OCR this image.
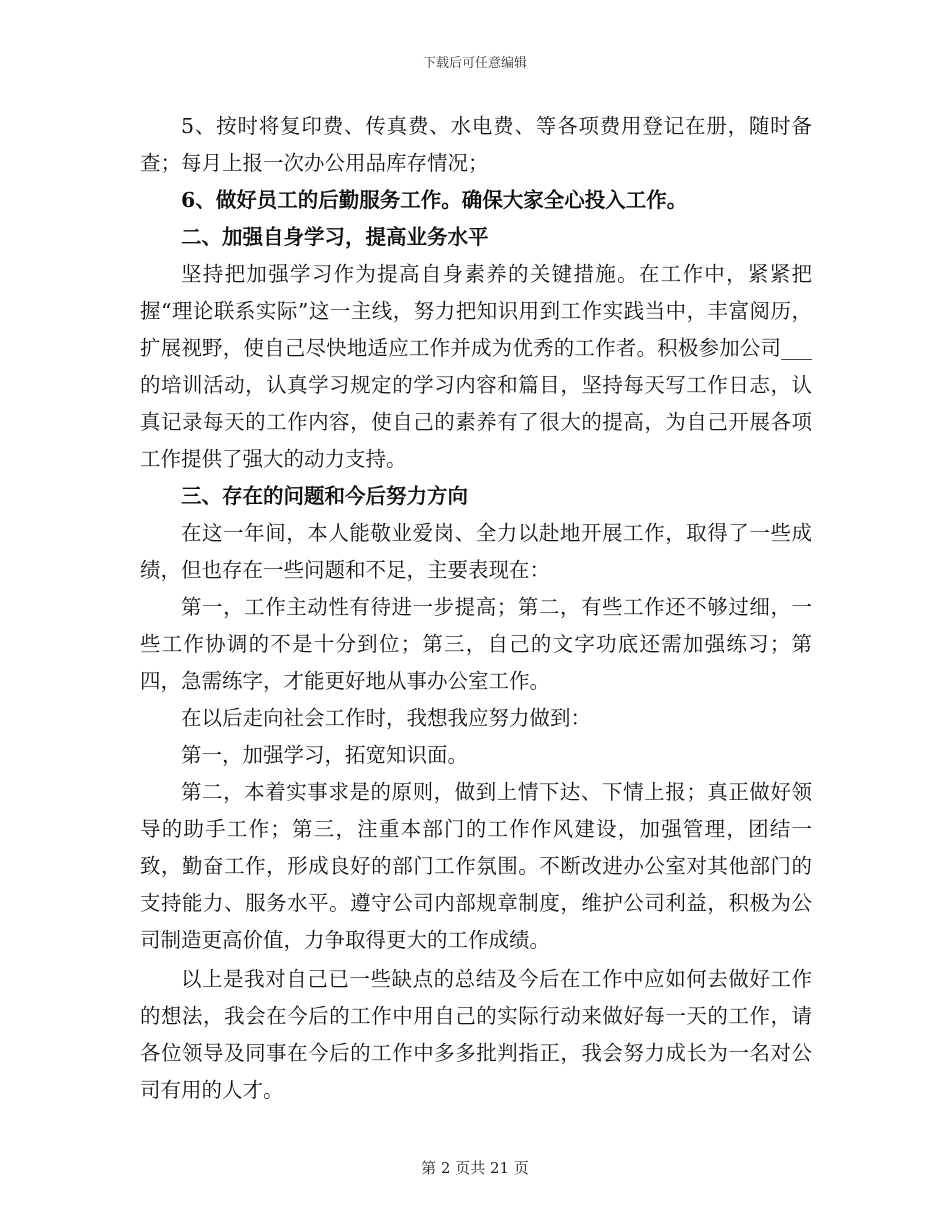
下载后可任意编辑

5、按时将复印费、传真费、水电费、等各项费用登记在册，随时备查；每月上报一次办公用品库存情况；

6、做好员工的后勤服务工作。确保大家全心投入工作。

二、加强自身学习，提高业务水平

坚持把加强学习作为提高自身素养的关键措施。在工作中，紧紧把握“理论联系实际”这一主线，努力把知识用到工作实践当中，丰富阅历，扩展视野，使自己尽快地适应工作并成为优秀的工作者。积极参加公司___的培训活动，认真学习规定的学习内容和篇目，坚持每天写工作日志，认真记录每天的工作内容，使自己的素养有了很大的提高，为自己开展各项工作提供了强大的动力支持。

三、存在的问题和今后努力方向

在这一年间，本人能敬业爱岗、全力以赴地开展工作，取得了一些成绩，但也存在一些问题和不足，主要表现在：

第一，工作主动性有待进一步提高；第二，有些工作还不够过细，一些工作协调的不是十分到位；第三，自己的文字功底还需加强练习；第四，急需练字，才能更好地从事办公室工作。

在以后走向社会工作时，我想我应努力做到：

第一，加强学习，拓宽知识面。

第二，本着实事求是的原则，做到上情下达、下情上报；真正做好领导的助手工作；第三，注重本部门的工作作风建设，加强管理，团结一致，勤奋工作，形成良好的部门工作氛围。不断改进办公室对其他部门的支持能力、服务水平。遵守公司内部规章制度，维护公司利益，积极为公司制造更高价值，力争取得更大的工作成绩。

以上是我对自己已一些缺点的总结及今后在工作中应如何去做好工作的想法，我会在今后的工作中用自己的实际行动来做好每一天的工作，请各位领导及同事在今后的工作中多多批判指正，我会努力成长为一名对公司有用的人才。

第 2 页共 21 页
